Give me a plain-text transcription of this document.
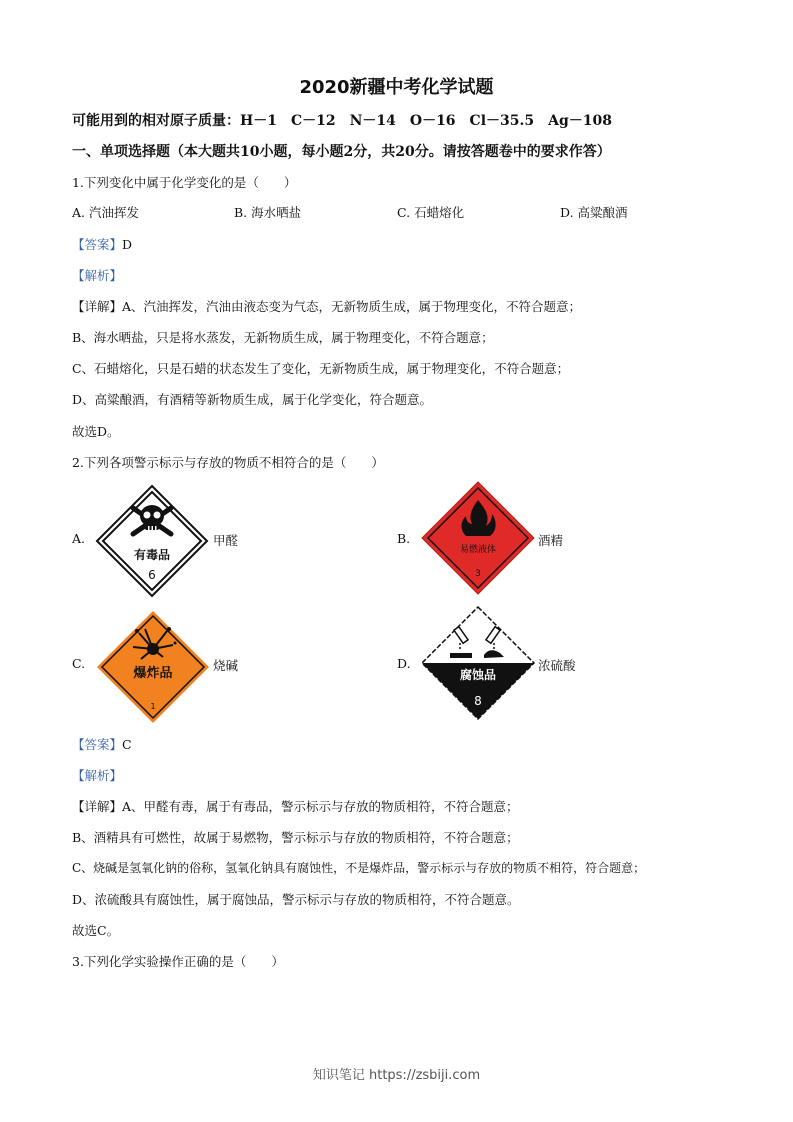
2020新疆中考化学试题
可能用到的相对原子质量：H－1　C－12　N－14　O－16　Cl－35.5　Ag－108
一、单项选择题（本大题共10小题，每小题2分，共20分。请按答题卷中的要求作答）
1.下列变化中属于化学变化的是（　　）
A. 汽油挥发	B. 海水晒盐	C. 石蜡熔化	D. 高粱酿酒
【答案】D
【解析】
【详解】A、汽油挥发，汽油由液态变为气态，无新物质生成，属于物理变化，不符合题意；
B、海水晒盐，只是将水蒸发，无新物质生成，属于物理变化，不符合题意；
C、石蜡熔化，只是石蜡的状态发生了变化，无新物质生成，属于物理变化，不符合题意；
D、高粱酿酒，有酒精等新物质生成，属于化学变化，符合题意。
故选D。
2.下列各项警示标示与存放的物质不相符合的是（　　）
A.
有毒品
6
甲醛	B.
易燃液体
3
酒精
C.
爆炸品
1
烧碱	D.
腐蚀品
8
浓硫酸
【答案】C
【解析】
【详解】A、甲醛有毒，属于有毒品，警示标示与存放的物质相符，不符合题意；
B、酒精具有可燃性，故属于易燃物，警示标示与存放的物质相符，不符合题意；
C、烧碱是氢氧化钠的俗称，氢氧化钠具有腐蚀性，不是爆炸品，警示标示与存放的物质不相符，符合题意；
D、浓硫酸具有腐蚀性，属于腐蚀品，警示标示与存放的物质相符，不符合题意。
故选C。
3.下列化学实验操作正确的是（　　）
知识笔记 https://zsbiji.com
